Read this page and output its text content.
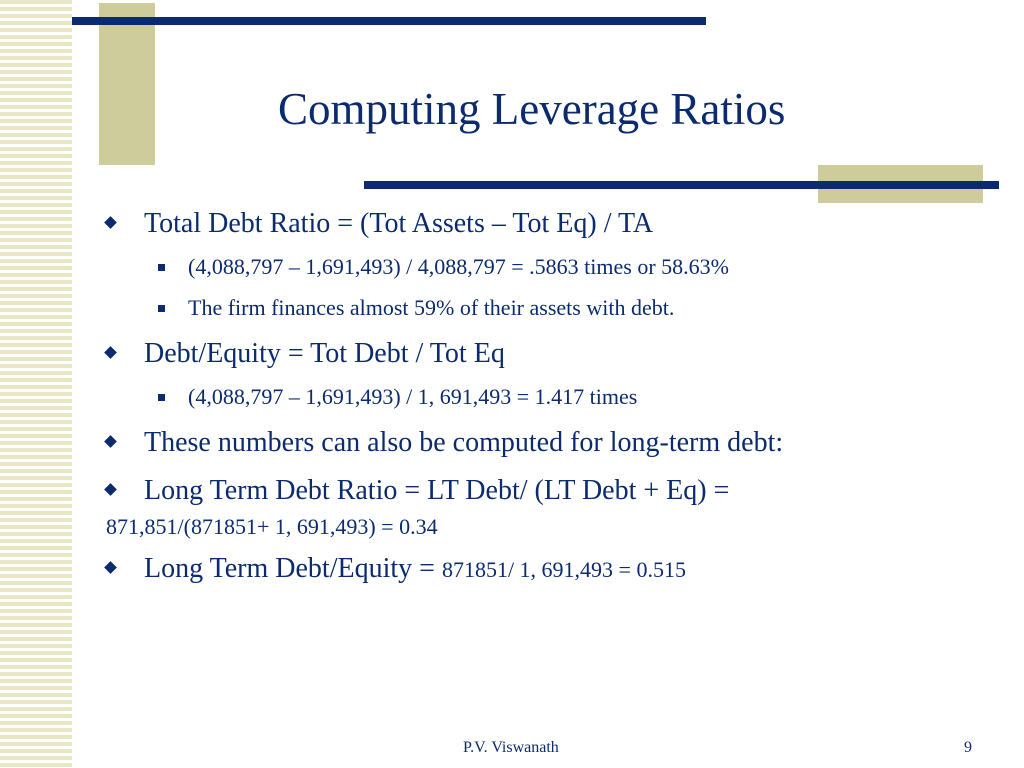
Computing Leverage Ratios
Total Debt Ratio = (Tot Assets – Tot Eq) / TA
(4,088,797 – 1,691,493) / 4,088,797 = .5863 times or 58.63%
The firm finances almost 59% of their assets with debt.
Debt/Equity = Tot Debt / Tot Eq
(4,088,797 – 1,691,493) / 1, 691,493 = 1.417 times
These numbers can also be computed for long-term debt:
Long Term Debt Ratio = LT Debt/ (LT Debt + Eq) =
871,851/(871851+ 1, 691,493) = 0.34
Long Term Debt/Equity = 871851/ 1, 691,493 = 0.515
P.V. Viswanath	9
